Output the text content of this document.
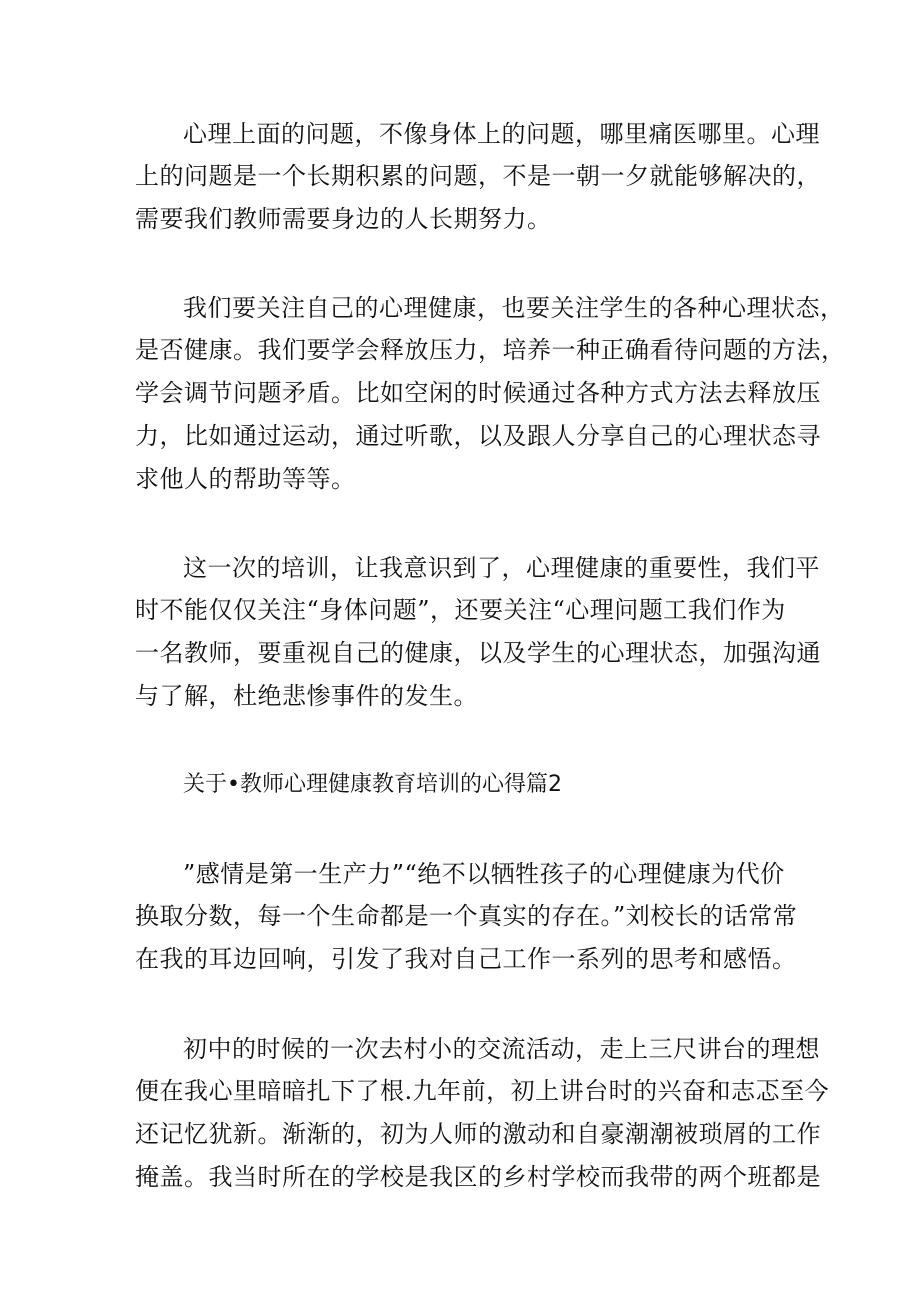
心理上面的问题，不像身体上的问题，哪里痛医哪里。心理
上的问题是一个长期积累的问题，不是一朝一夕就能够解决的，
需要我们教师需要身边的人长期努力。
我们要关注自己的心理健康，也要关注学生的各种心理状态，
是否健康。我们要学会释放压力，培养一种正确看待问题的方法，
学会调节问题矛盾。比如空闲的时候通过各种方式方法去释放压
力，比如通过运动，通过听歌，以及跟人分享自己的心理状态寻
求他人的帮助等等。
这一次的培训，让我意识到了，心理健康的重要性，我们平
时不能仅仅关注“身体问题”，还要关注“心理问题工我们作为
一名教师，要重视自己的健康，以及学生的心理状态，加强沟通
与了解，杜绝悲惨事件的发生。
关于•教师心理健康教育培训的心得篇2
”感情是第一生产力”“绝不以牺牲孩子的心理健康为代价
换取分数，每一个生命都是一个真实的存在。”刘校长的话常常
在我的耳边回响，引发了我对自己工作一系列的思考和感悟。
初中的时候的一次去村小的交流活动，走上三尺讲台的理想
便在我心里暗暗扎下了根.九年前，初上讲台时的兴奋和志忑至今
还记忆犹新。渐渐的，初为人师的激动和自豪潮潮被琐屑的工作
掩盖。我当时所在的学校是我区的乡村学校而我带的两个班都是
